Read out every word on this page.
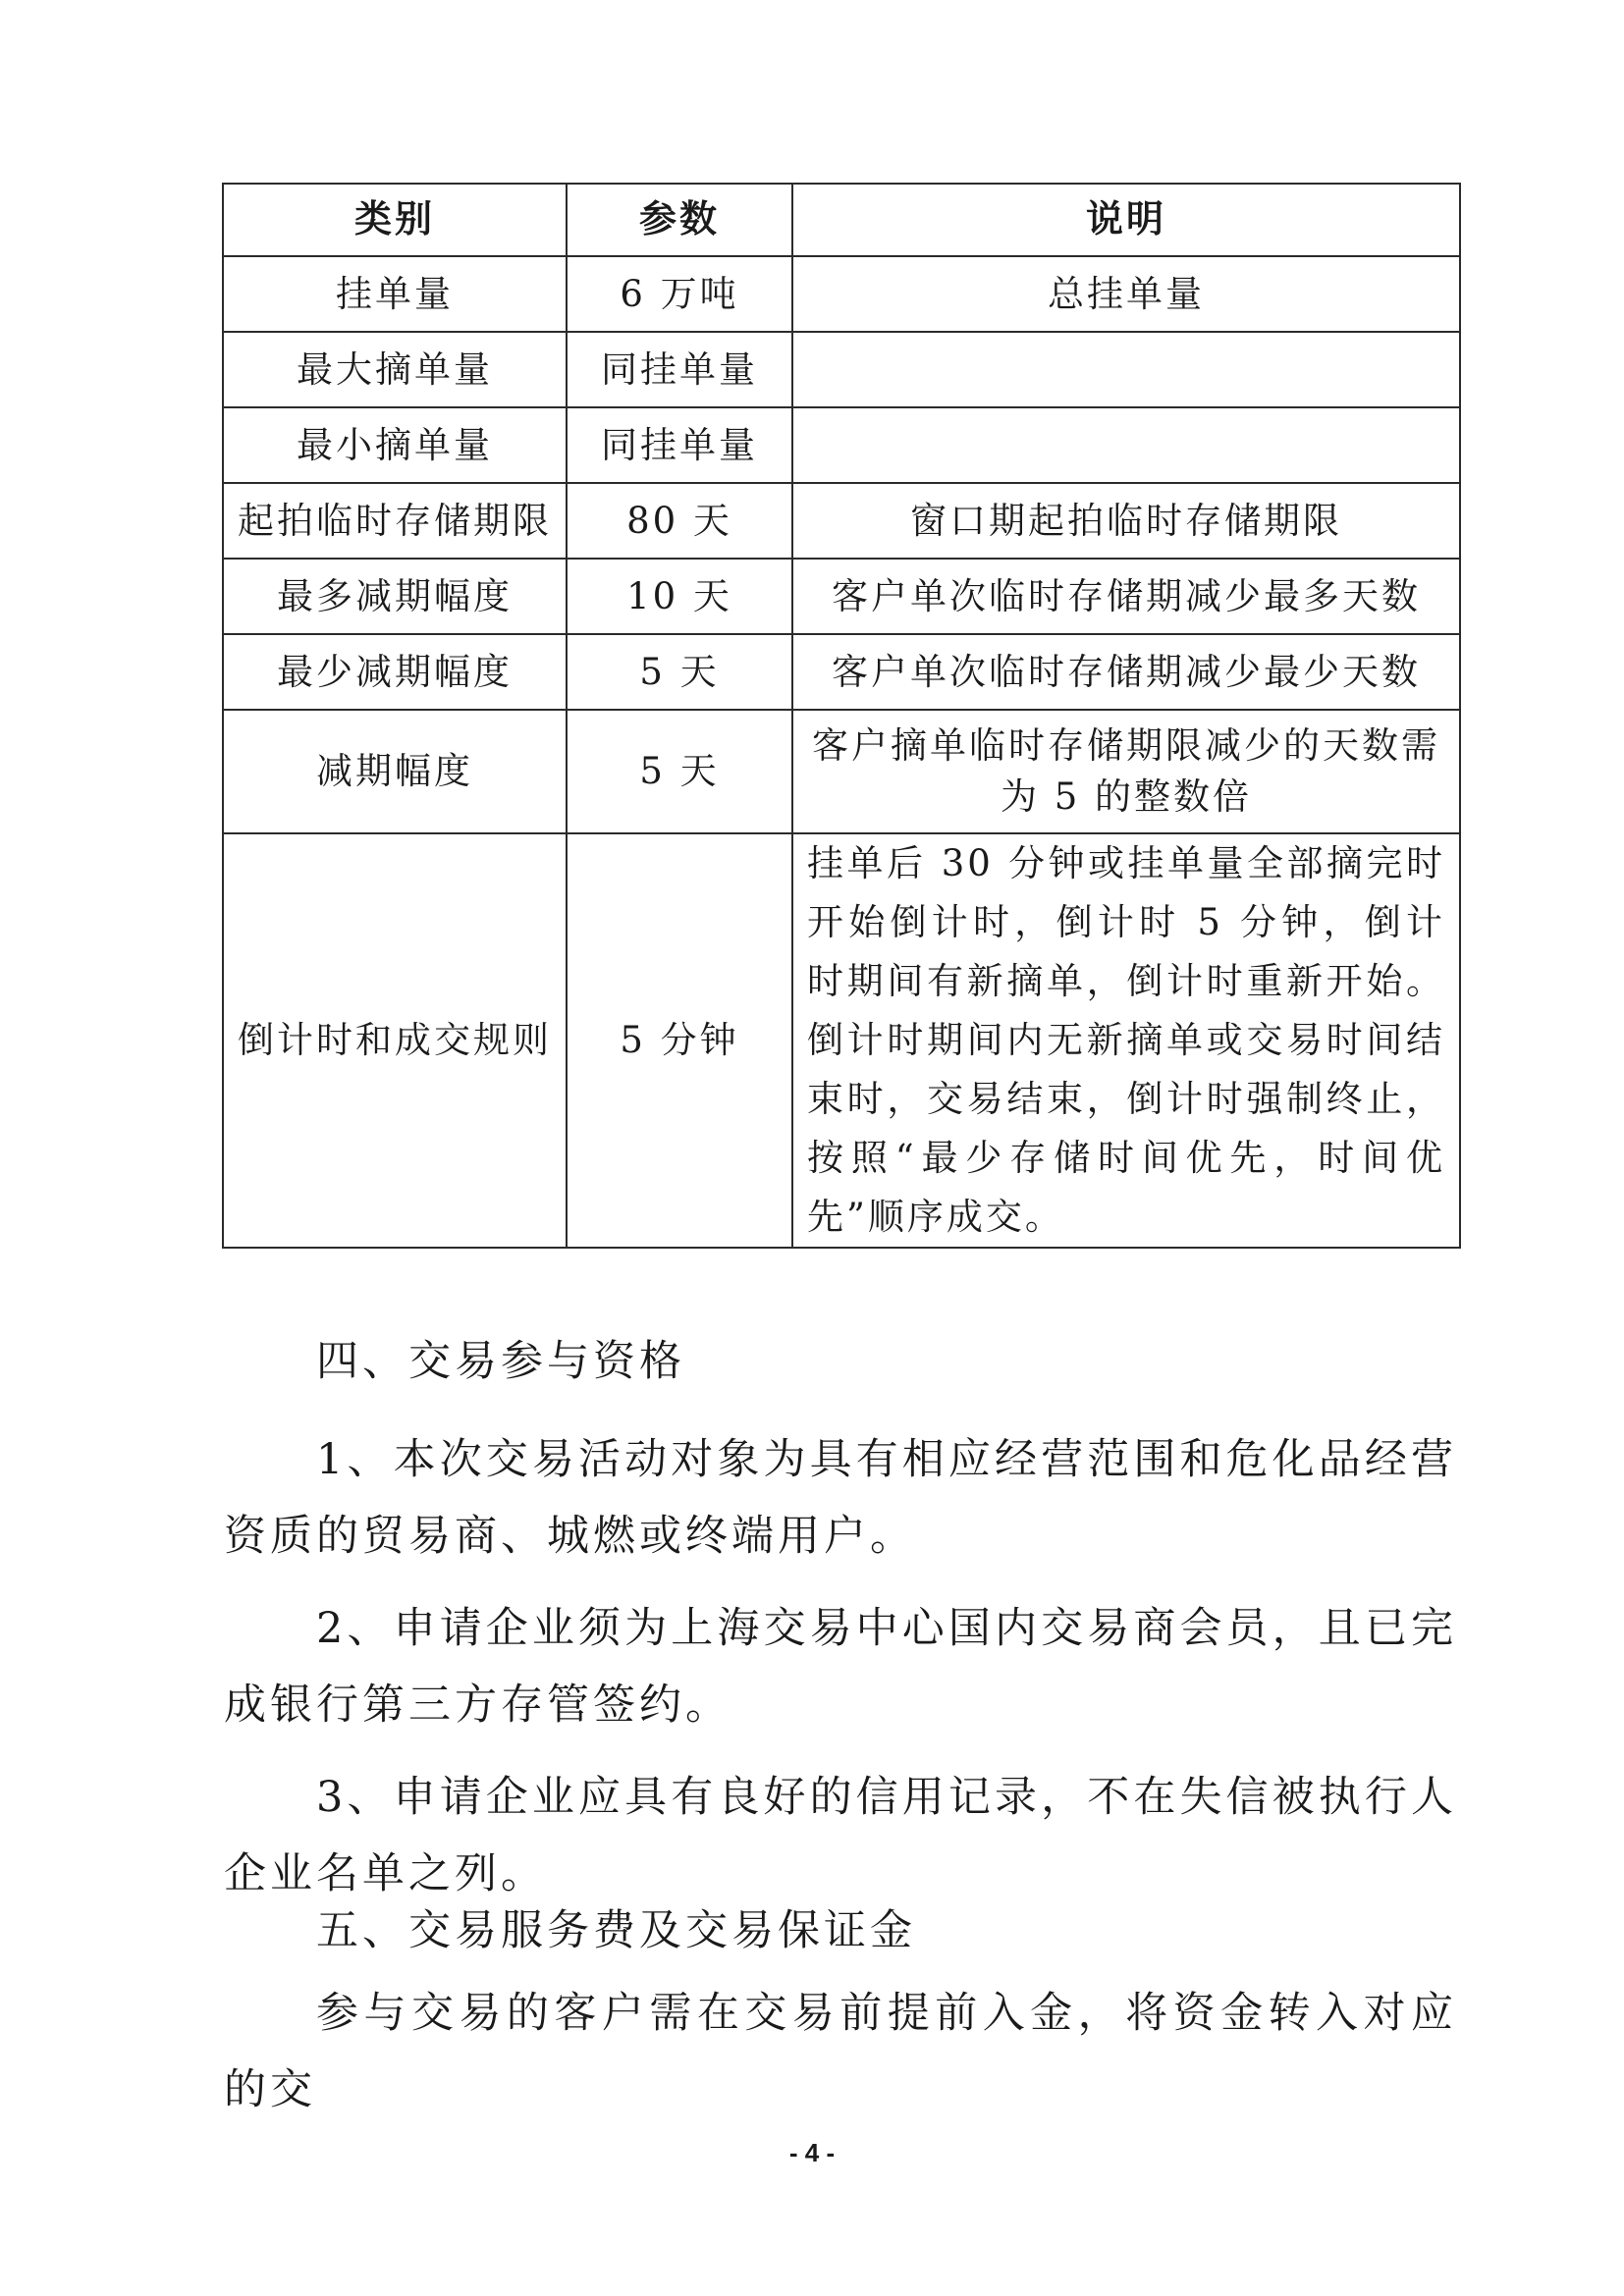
类别	参数	说明
挂单量	6 万吨	总挂单量
最大摘单量	同挂单量	
最小摘单量	同挂单量	
起拍临时存储期限	80 天	窗口期起拍临时存储期限
最多减期幅度	10 天	客户单次临时存储期减少最多天数
最少减期幅度	5 天	客户单次临时存储期减少最少天数
减期幅度	5 天	客户摘单临时存储期限减少的天数需为 5 的整数倍
倒计时和成交规则	5 分钟	挂单后 30 分钟或挂单量全部摘完时开始倒计时，倒计时 5 分钟，倒计时期间有新摘单，倒计时重新开始。倒计时期间内无新摘单或交易时间结束时，交易结束，倒计时强制终止，按照“最少存储时间优先，时间优先”顺序成交。
四、交易参与资格

1、本次交易活动对象为具有相应经营范围和危化品经营资质的贸易商、城燃或终端用户。

2、申请企业须为上海交易中心国内交易商会员，且已完成银行第三方存管签约。

3、申请企业应具有良好的信用记录，不在失信被执行人企业名单之列。

五、交易服务费及交易保证金

参与交易的客户需在交易前提前入金，将资金转入对应的交

- 4 -
